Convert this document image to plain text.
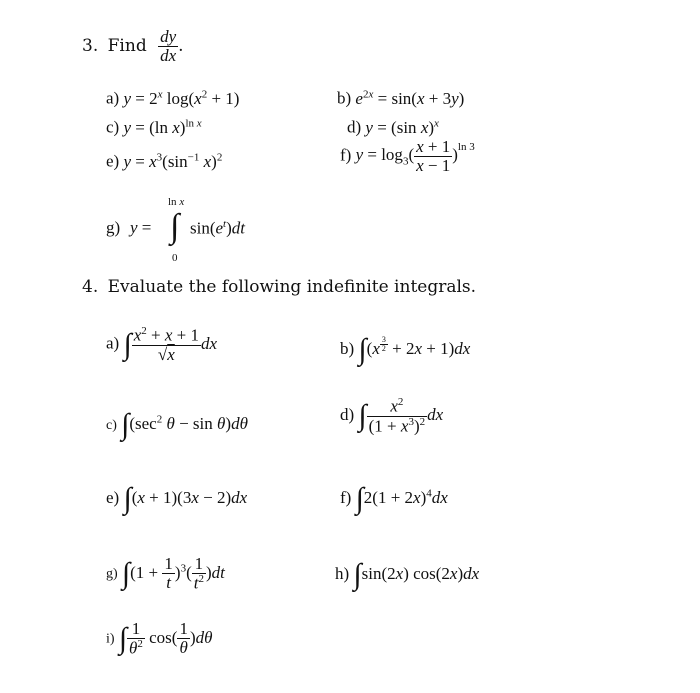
3. Find $\frac{dy}{dx}$ .
a) $y = 2^x$ $\log(x^2 + 1)$	b) $e^{2x} = \sin(x + 3y)$
c) y = (ln x)$^{ln x}$	d) y = (sin x)$^x$
e) $y = x^3(\sin^{-1}$ x)$^2$	f) $y = \log_3( \frac{x + 1}{x - 1} )^{ln 3}$
g) y =
ln x
∫
0
$\sin(e^t)dt$
4. Evaluate the following indefinite integrals.
a) ∫ $\frac{x^2 + x + 1}{√x}$ dx	b) ∫(x $^{\frac{3}{2}}$ + 2x + 1)dx
c) $\int(\sec^2$ θ − sin θ)dθ	d) ∫ $\frac{x^2}{(1 + x^3)^2}$ dx
e) ∫(x + 1)(3x − 2)dx	f) $\int 2(1 + 2x)^4dx$
g) $\int(1 + \frac{1}{t} )^3( \frac{1}{t^2} )dt$	h) ∫sin(2x) cos(2x)dx
i) ∫ $\frac{1}{\theta^2} \cos( \frac{1}{\theta} )d\theta$
